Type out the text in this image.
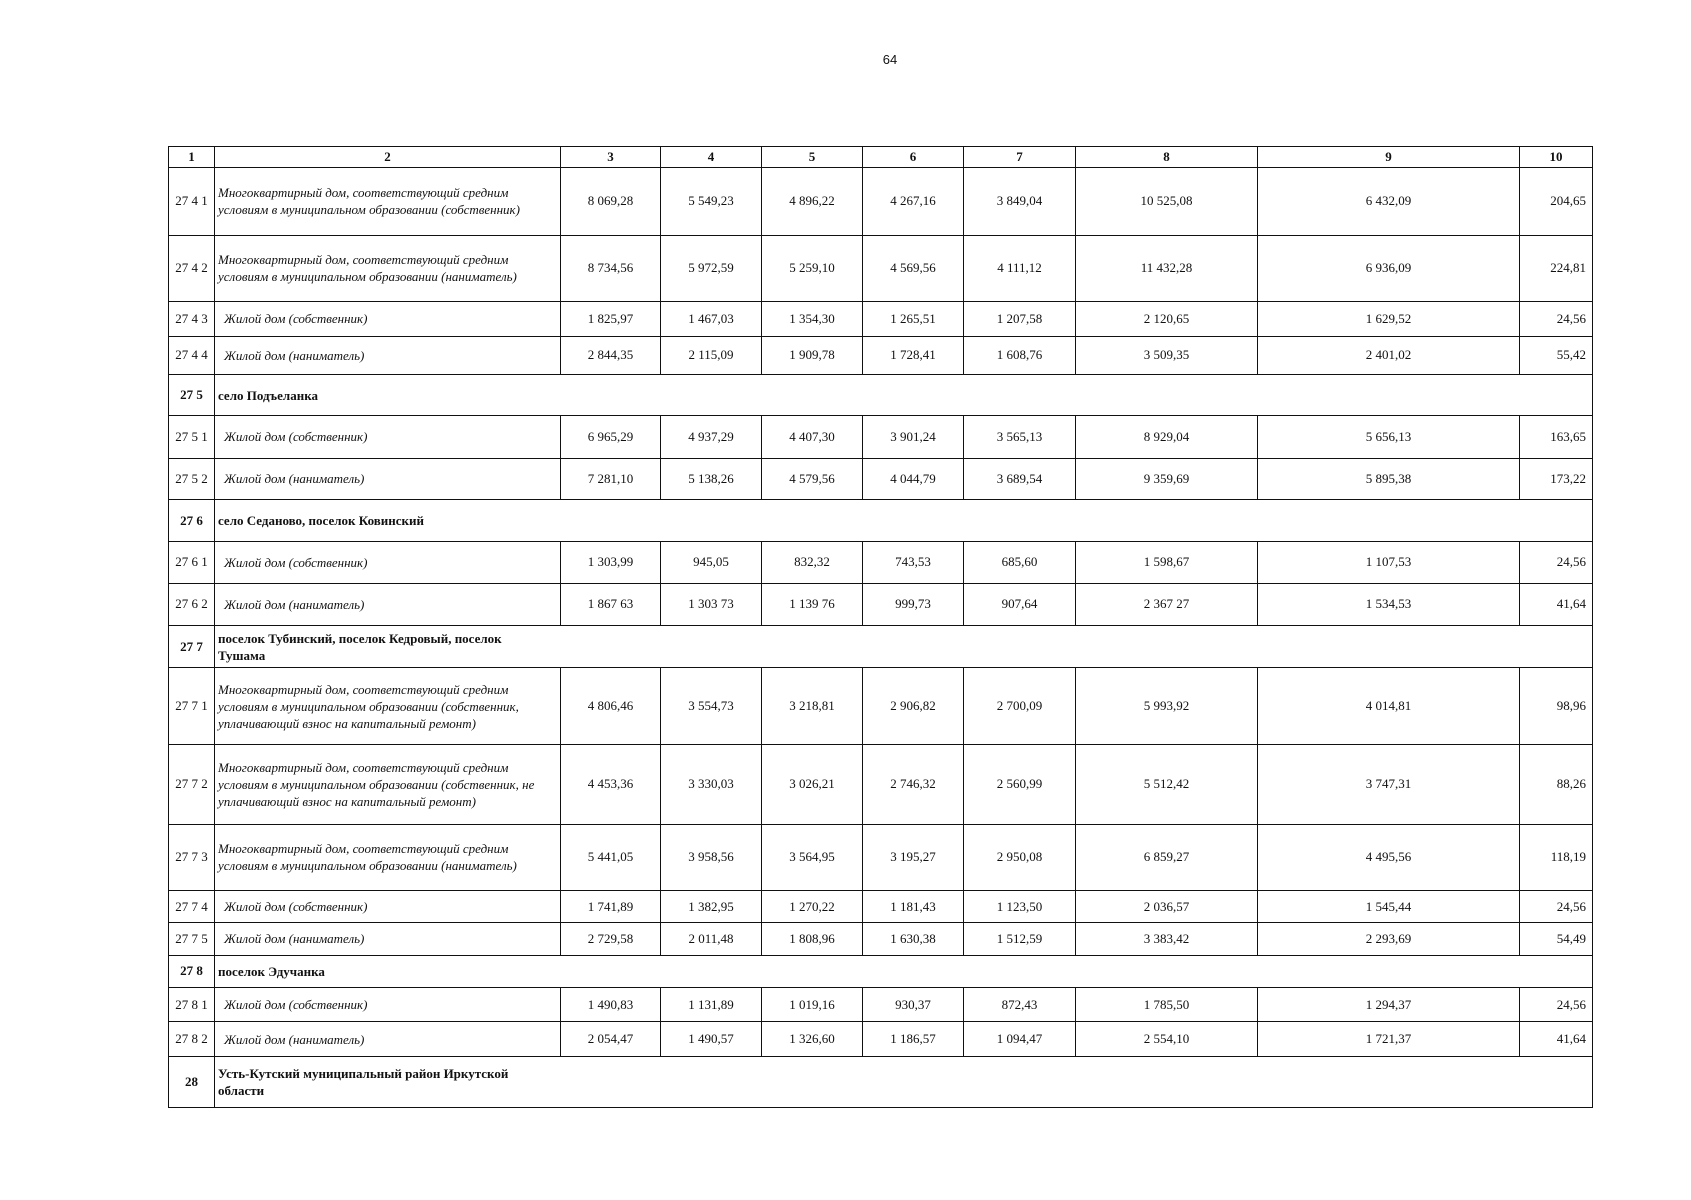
64
1	2	3	4	5	6	7	8	9	10
27 4 1	Многоквартирный дом, соответствующий средним условиям в муниципальном образовании (собственник)	8 069,28	5 549,23	4 896,22	4 267,16	3 849,04	10 525,08	6 432,09	204,65
27 4 2	Многоквартирный дом, соответствующий средним условиям в муниципальном образовании (наниматель)	8 734,56	5 972,59	5 259,10	4 569,56	4 111,12	11 432,28	6 936,09	224,81
27 4 3	Жилой дом (собственник)	1 825,97	1 467,03	1 354,30	1 265,51	1 207,58	2 120,65	1 629,52	24,56
27 4 4	Жилой дом (наниматель)	2 844,35	2 115,09	1 909,78	1 728,41	1 608,76	3 509,35	2 401,02	55,42
27 5	село Подъеланка								
27 5 1	Жилой дом (собственник)	6 965,29	4 937,29	4 407,30	3 901,24	3 565,13	8 929,04	5 656,13	163,65
27 5 2	Жилой дом (наниматель)	7 281,10	5 138,26	4 579,56	4 044,79	3 689,54	9 359,69	5 895,38	173,22
27 6	село Седаново, поселок Ковинский								
27 6 1	Жилой дом (собственник)	1 303,99	945,05	832,32	743,53	685,60	1 598,67	1 107,53	24,56
27 6 2	Жилой дом (наниматель)	1 867 63	1 303 73	1 139 76	999,73	907,64	2 367 27	1 534,53	41,64
27 7	поселок Тубинский, поселок Кедровый, поселок Тушама								

27 7 1	Многоквартирный дом, соответствующий средним условиям в муниципальном образовании (собственник, уплачивающий взнос на капитальный ремонт)	4 806,46	3 554,73	3 218,81	2 906,82	2 700,09	5 993,92	4 014,81	98,96
27 7 2	Многоквартирный дом, соответствующий средним условиям в муниципальном образовании (собственник, не уплачивающий взнос на капитальный ремонт)	4 453,36	3 330,03	3 026,21	2 746,32	2 560,99	5 512,42	3 747,31	88,26
27 7 3	Многоквартирный дом, соответствующий средним условиям в муниципальном образовании (наниматель)	5 441,05	3 958,56	3 564,95	3 195,27	2 950,08	6 859,27	4 495,56	118,19
27 7 4	Жилой дом (собственник)	1 741,89	1 382,95	1 270,22	1 181,43	1 123,50	2 036,57	1 545,44	24,56
27 7 5	Жилой дом (наниматель)	2 729,58	2 011,48	1 808,96	1 630,38	1 512,59	3 383,42	2 293,69	54,49
27 8	поселок Эдучанка								
27 8 1	Жилой дом (собственник)	1 490,83	1 131,89	1 019,16	930,37	872,43	1 785,50	1 294,37	24,56
27 8 2	Жилой дом (наниматель)	2 054,47	1 490,57	1 326,60	1 186,57	1 094,47	2 554,10	1 721,37	41,64
28	Усть-Кутский муниципальный район Иркутской области								
